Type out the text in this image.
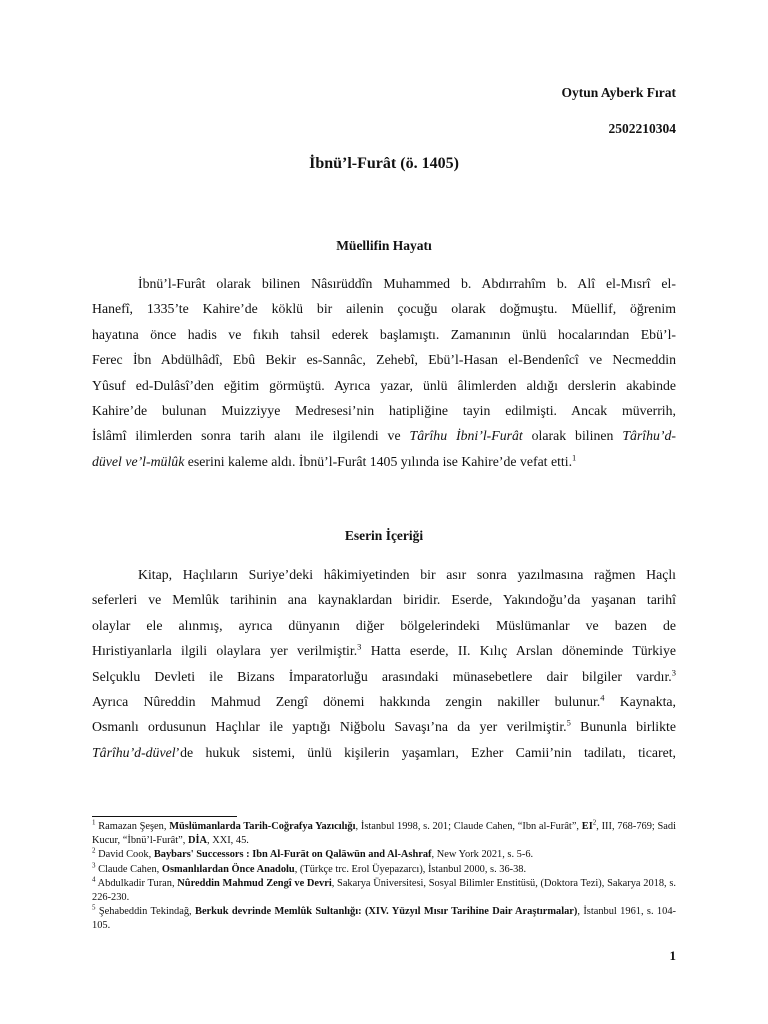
Oytun Ayberk Fırat
2502210304
İbnü’l-Furât (ö. 1405)
Müellifin Hayatı
İbnü’l-Furât olarak bilinen Nâsırüddîn Muhammed b. Abdırrahîm b. Alî el-Mısrî el-
Hanefî, 1335’te Kahire’de köklü bir ailenin çocuğu olarak doğmuştu. Müellif, öğrenim
hayatına önce hadis ve fıkıh tahsil ederek başlamıştı. Zamanının ünlü hocalarından Ebü’l-
Ferec İbn Abdülhâdî, Ebû Bekir es-Sannâc, Zehebî, Ebü’l-Hasan el-Bendenîcî ve Necmeddin
Yûsuf ed-Dulâsî’den eğitim görmüştü. Ayrıca yazar, ünlü âlimlerden aldığı derslerin akabinde
Kahire’de bulunan Muizziyye Medresesi’nin hatipliğine tayin edilmişti. Ancak müverrih,
İslâmî ilimlerden sonra tarih alanı ile ilgilendi ve Târîhu İbni’l-Furât olarak bilinen Târîhu’d-
düvel ve’l-mülûk eserini kaleme aldı. İbnü’l-Furât 1405 yılında ise Kahire’de vefat etti.$^1$
Eserin İçeriği
Kitap, Haçlıların Suriye’deki hâkimiyetinden bir asır sonra yazılmasına rağmen Haçlı
seferleri ve Memlûk tarihinin ana kaynaklardan biridir. Eserde, Yakındoğu’da yaşanan tarihî
olaylar ele alınmış, ayrıca dünyanın diğer bölgelerindeki Müslümanlar ve bazen de
Hıristiyanlarla ilgili olaylara yer verilmiştir.$^3$ Hatta eserde, II. Kılıç Arslan döneminde Türkiye
Selçuklu Devleti ile Bizans İmparatorluğu arasındaki münasebetlere dair bilgiler vardır.$^3$
Ayrıca Nûreddin Mahmud Zengî dönemi hakkında zengin nakiller bulunur.$^4$ Kaynakta,
Osmanlı ordusunun Haçlılar ile yaptığı Niğbolu Savaşı’na da yer verilmiştir.$^5$ Bununla birlikte
Târîhu’d-düvel’de hukuk sistemi, ünlü kişilerin yaşamları, Ezher Camii’nin tadilatı, ticaret,

$^1$ Ramazan Şeşen, Müslümanlarda Tarih-Coğrafya Yazıcılığı, İstanbul 1998, s. 201; Claude Cahen, “Ibn al-Furât”, $EI^2$, III, 768-769; Sadi Kucur, “İbnü’l-Furât”, DİA, XXI, 45.

$^2$ David Cook, Baybars' Successors : Ibn Al-Furāt on Qalāwūn and Al-Ashraf, New York 2021, s. 5-6.

$^3$ Claude Cahen, Osmanlılardan Önce Anadolu, (Türkçe trc. Erol Üyepazarcı), İstanbul 2000, s. 36-38.

$^4$ Abdulkadir Turan, Nûreddin Mahmud Zengî ve Devri, Sakarya Üniversitesi, Sosyal Bilimler Enstitüsü, (Doktora Tezi), Sakarya 2018, s. 226-230.

$^5$ Şehabeddin Tekindağ, Berkuk devrinde Memlûk Sultanlığı: (XIV. Yüzyıl Mısır Tarihine Dair Araştırmalar), İstanbul 1961, s. 104-105.

1
